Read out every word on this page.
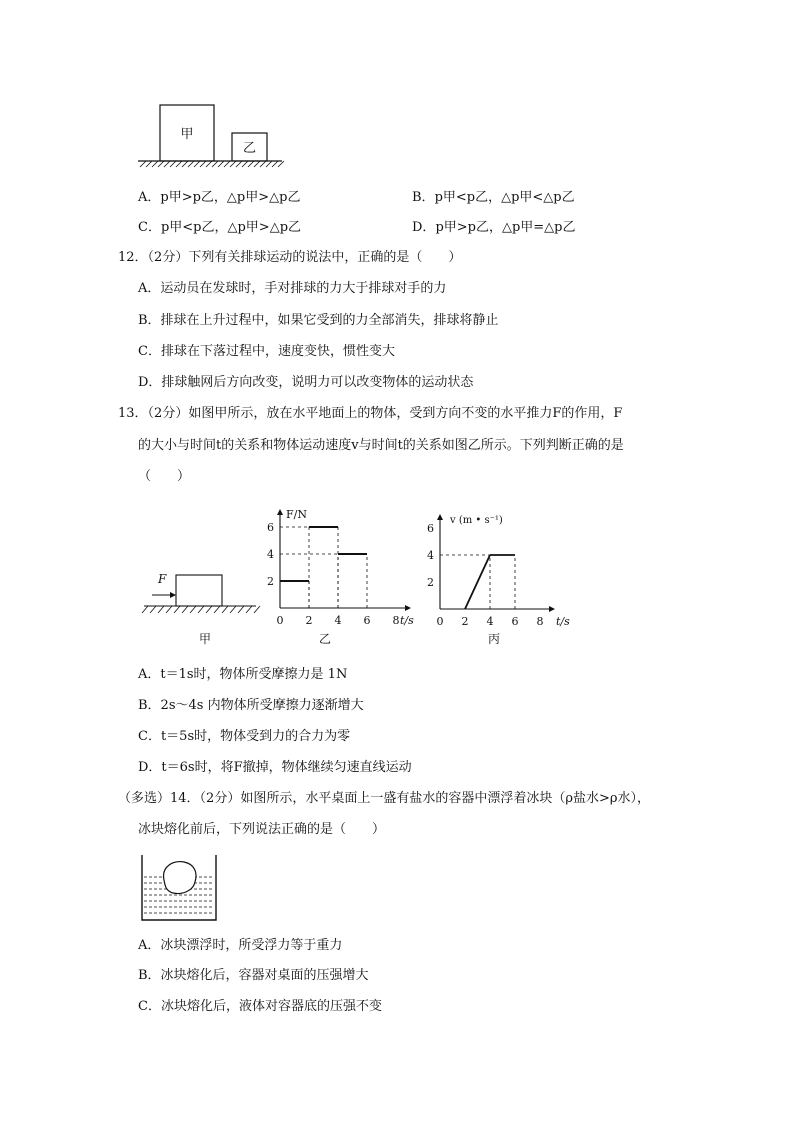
甲
乙
A．p甲>p乙，△p甲>△p乙	B．p甲<p乙，△p甲<△p乙
C．p甲<p乙，△p甲>△p乙	D．p甲>p乙，△p甲=△p乙
12．（2分）下列有关排球运动的说法中，正确的是（　　）
A．运动员在发球时，手对排球的力大于排球对手的力
B．排球在上升过程中，如果它受到的力全部消失，排球将静止
C．排球在下落过程中，速度变快，惯性变大
D．排球触网后方向改变，说明力可以改变物体的运动状态
13．（2分）如图甲所示，放在水平地面上的物体，受到方向不变的水平推力F的作用，F
的大小与时间t的关系和物体运动速度v与时间t的关系如图乙所示。下列判断正确的是
（　　）
F
甲
0 2 4 6 8
2
4
6
F/N
t/s
乙
0 2 4 6 8
2
4
6
v (m • s⁻¹)
t/s
丙
A．t＝1s时，物体所受摩擦力是 1N
B．2s～4s 内物体所受摩擦力逐渐增大
C．t＝5s时，物体受到力的合力为零
D．t＝6s时，将F撤掉，物体继续匀速直线运动
（多选）14．（2分）如图所示，水平桌面上一盛有盐水的容器中漂浮着冰块（ρ盐水>ρ水），
冰块熔化前后，下列说法正确的是（　　）
A．冰块漂浮时，所受浮力等于重力
B．冰块熔化后，容器对桌面的压强增大
C．冰块熔化后，液体对容器底的压强不变
